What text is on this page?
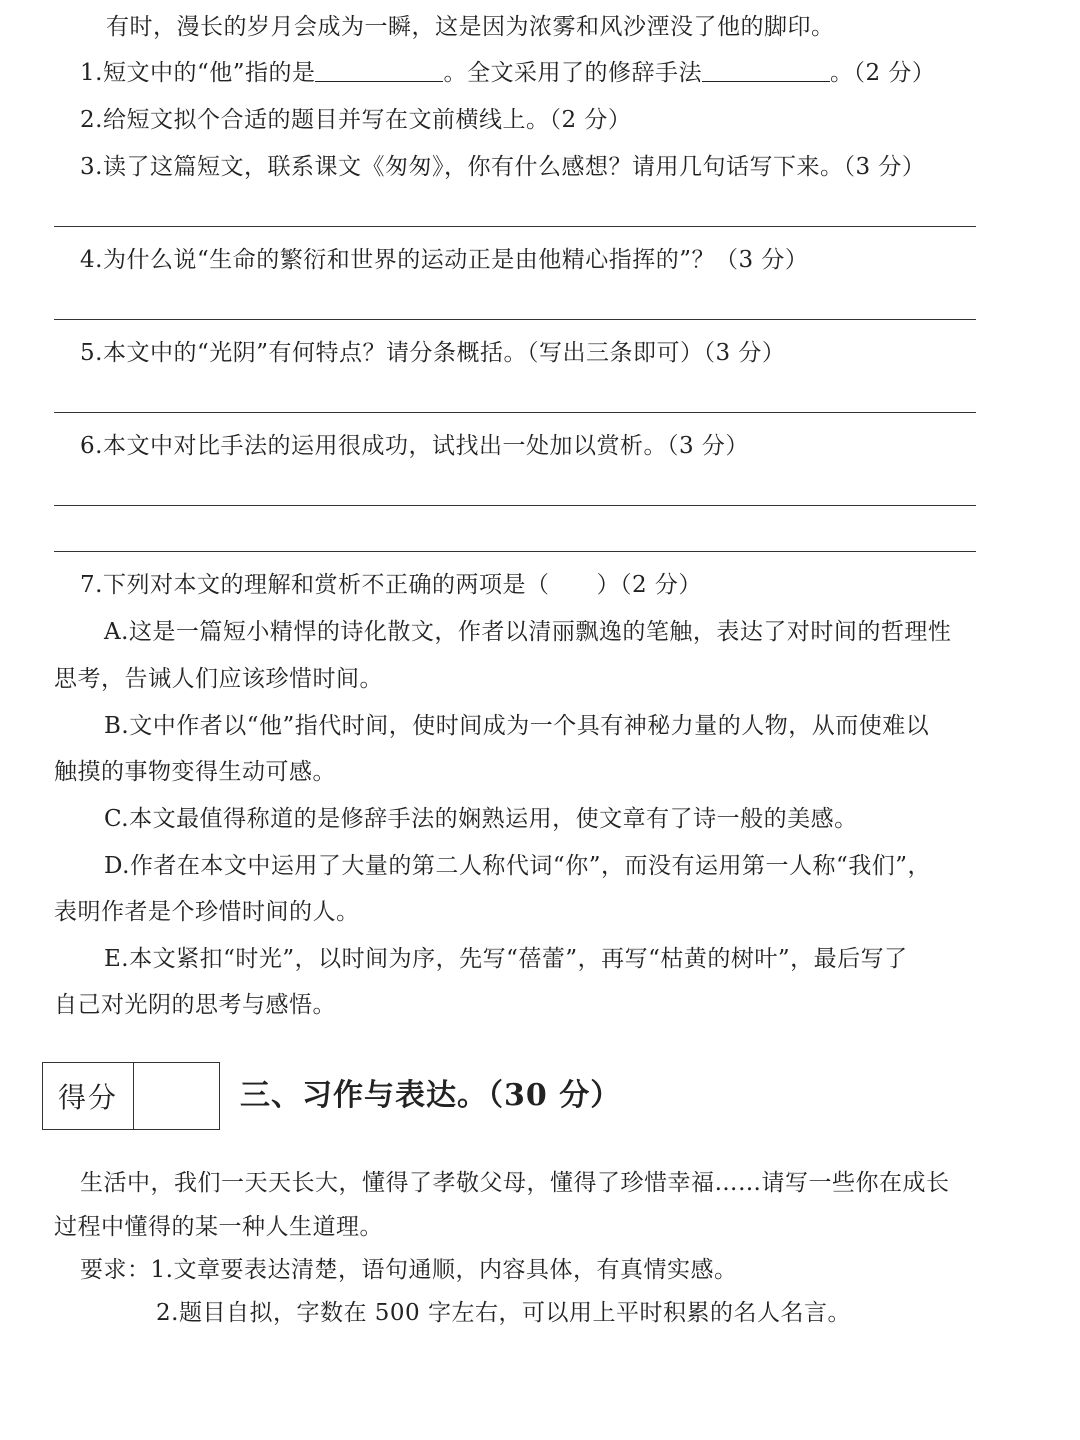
有时，漫长的岁月会成为一瞬，这是因为浓雾和风沙湮没了他的脚印。
1.短文中的“他”指的是	。全文采用了的修辞手法	。（2 分）
2.给短文拟个合适的题目并写在文前横线上。（2 分）
3.读了这篇短文，联系课文《匆匆》，你有什么感想？请用几句话写下来。（3 分）
4.为什么说“生命的繁衍和世界的运动正是由他精心指挥的”？（3 分）
5.本文中的“光阴”有何特点？请分条概括。（写出三条即可）（3 分）
6.本文中对比手法的运用很成功，试找出一处加以赏析。（3 分）
7.下列对本文的理解和赏析不正确的两项是（　　）（2 分）
A.这是一篇短小精悍的诗化散文，作者以清丽飘逸的笔触，表达了对时间的哲理性
思考，告诫人们应该珍惜时间。
B.文中作者以“他”指代时间，使时间成为一个具有神秘力量的人物，从而使难以
触摸的事物变得生动可感。
C.本文最值得称道的是修辞手法的娴熟运用，使文章有了诗一般的美感。
D.作者在本文中运用了大量的第二人称代词“你”，而没有运用第一人称“我们”，
表明作者是个珍惜时间的人。
E.本文紧扣“时光”，以时间为序，先写“蓓蕾”，再写“枯黄的树叶”，最后写了
自己对光阴的思考与感悟。
得分	三、习作与表达。（30 分）
生活中，我们一天天长大，懂得了孝敬父母，懂得了珍惜幸福……请写一些你在成长
过程中懂得的某一种人生道理。
要求：1.文章要表达清楚，语句通顺，内容具体，有真情实感。
2.题目自拟，字数在 500 字左右，可以用上平时积累的名人名言。
